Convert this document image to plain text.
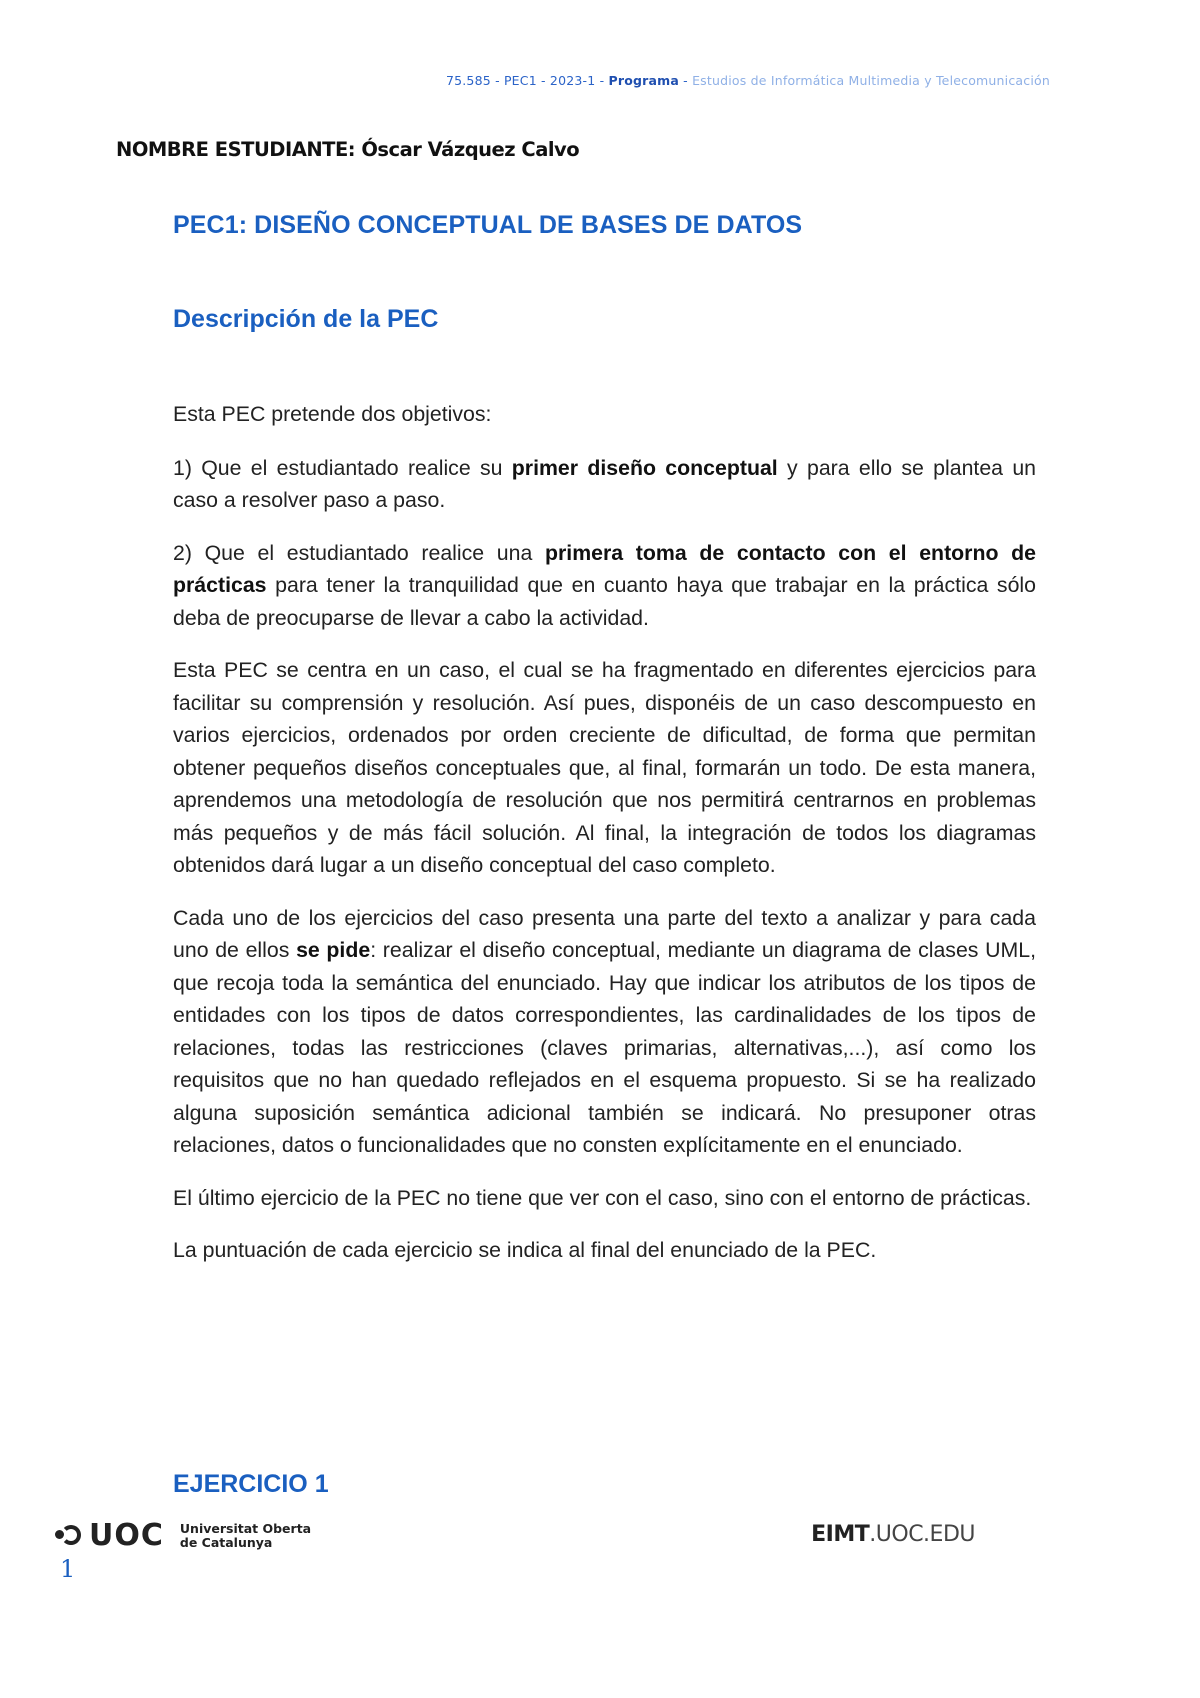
75.585 - PEC1 - 2023-1 - Programa - Estudios de Informática Multimedia y Telecomunicación
NOMBRE ESTUDIANTE: Óscar Vázquez Calvo
PEC1: DISEÑO CONCEPTUAL DE BASES DE DATOS
Descripción de la PEC

Esta PEC pretende dos objetivos:

1) Que el estudiantado realice su primer diseño conceptual y para ello se plantea un caso a resolver paso a paso.

2) Que el estudiantado realice una primera toma de contacto con el entorno de prácticas para tener la tranquilidad que en cuanto haya que trabajar en la práctica sólo deba de preocuparse de llevar a cabo la actividad.

Esta PEC se centra en un caso, el cual se ha fragmentado en diferentes ejercicios para facilitar su comprensión y resolución. Así pues, disponéis de un caso descompuesto en varios ejercicios, ordenados por orden creciente de dificultad, de forma que permitan obtener pequeños diseños conceptuales que, al final, formarán un todo. De esta manera, aprendemos una metodología de resolución que nos permitirá centrarnos en problemas más pequeños y de más fácil solución. Al final, la integración de todos los diagramas obtenidos dará lugar a un diseño conceptual del caso completo.

Cada uno de los ejercicios del caso presenta una parte del texto a analizar y para cada uno de ellos se pide: realizar el diseño conceptual, mediante un diagrama de clases UML, que recoja toda la semántica del enunciado. Hay que indicar los atributos de los tipos de entidades con los tipos de datos correspondientes, las cardinalidades de los tipos de relaciones, todas las restricciones (claves primarias, alternativas,...), así como los requisitos que no han quedado reflejados en el esquema propuesto. Si se ha realizado alguna suposición semántica adicional también se indicará. No presuponer otras relaciones, datos o funcionalidades que no consten explícitamente en el enunciado.

El último ejercicio de la PEC no tiene que ver con el caso, sino con el entorno de prácticas.

La puntuación de cada ejercicio se indica al final del enunciado de la PEC.

EJERCICIO 1
UOC Universitat Oberta
de Catalunya	EIMT.UOC.EDU
1
